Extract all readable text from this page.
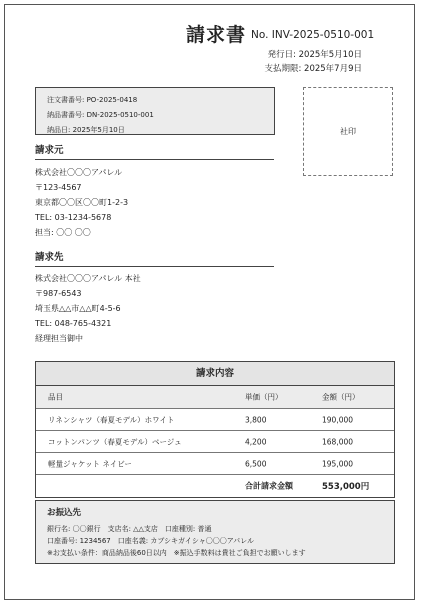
請求書 No. INV-2025-0510-001
発行日: 2025年5月10日
支払期限: 2025年7月9日
注文書番号: PO-2025-0418
納品書番号: DN-2025-0510-001
納品日: 2025年5月10日	社印
請求元
株式会社〇〇〇アパレル
〒123-4567
東京都〇〇区〇〇町1-2-3
TEL: 03-1234-5678
担当: 〇〇 〇〇
請求先
株式会社〇〇〇アパレル 本社
〒987-6543
埼玉県△△市△△町4-5-6
TEL: 048-765-4321
経理担当御中
請求内容
品目	単価（円）	金額（円）
リネンシャツ（春夏モデル）ホワイト	3,800	190,000
コットンパンツ（春夏モデル）ベージュ	4,200	168,000
軽量ジャケット ネイビー	6,500	195,000
合計請求金額	553,000円
お振込先
銀行名: 〇〇銀行　支店名: △△支店　口座種別: 普通
口座番号: 1234567　口座名義: カブシキガイシャ〇〇〇アパレル
※お支払い条件：商品納品後60日以内　※振込手数料は貴社ご負担でお願いします
